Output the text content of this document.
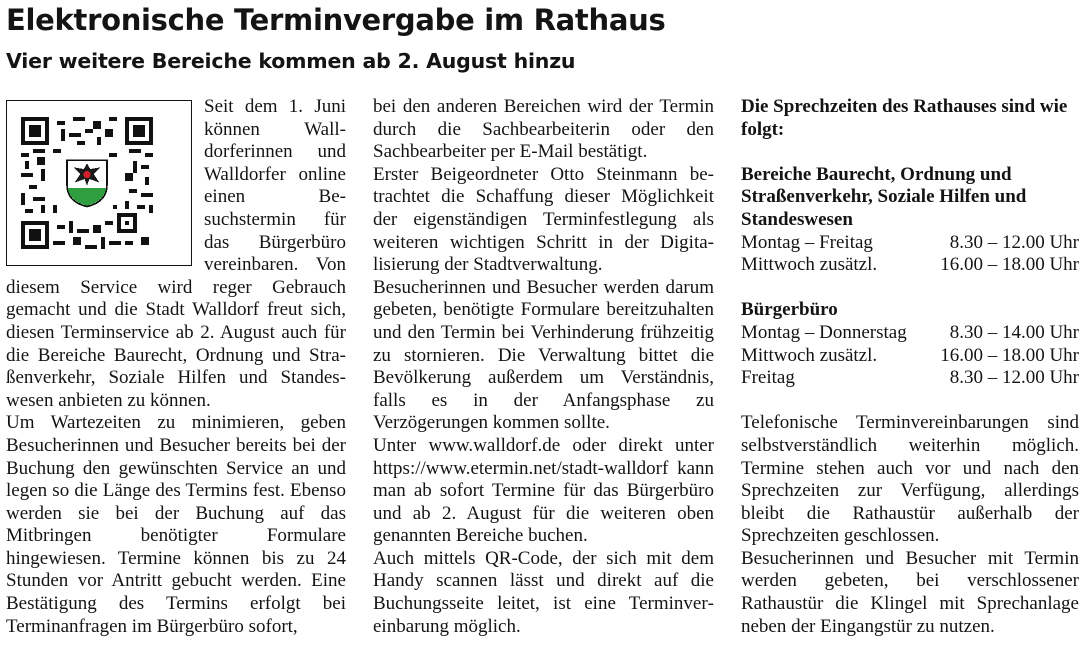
Elektronische Terminvergabe im Rathaus
Vier weitere Bereiche kommen ab 2. August hinzu

Seit dem 1. Juni können Walldorferinnen und Walldorfer online einen Besuchstermin für das Bürgerbüro vereinbaren. Von diesem Service wird reger Gebrauch gemacht und die Stadt Walldorf freut sich, diesen Terminservice ab 2. August auch für die Bereiche Baurecht, Ordnung und Straßenverkehr, Soziale Hilfen und Standeswesen anbieten zu können.

Um Wartezeiten zu minimieren, geben Besucherinnen und Besucher bereits bei der Buchung den gewünschten Service an und legen so die Länge des Termins fest. Ebenso werden sie bei der Buchung auf das Mitbringen benötigter Formulare hingewiesen. Termine können bis zu 24 Stunden vor Antritt gebucht werden. Eine Bestätigung des Termins erfolgt bei Terminanfragen im Bürgerbüro sofort,

bei den anderen Bereichen wird der Termin durch die Sachbearbeiterin oder den Sachbearbeiter per E-Mail bestätigt.

Erster Beigeordneter Otto Steinmann betrachtet die Schaffung dieser Möglichkeit der eigenständigen Terminfestlegung als weiteren wichtigen Schritt in der Digitalisierung der Stadtverwaltung.

Besucherinnen und Besucher werden darum gebeten, benötigte Formulare bereitzuhalten und den Termin bei Verhinderung frühzeitig zu stornieren. Die Verwaltung bittet die Bevölkerung außerdem um Verständnis, falls es in der Anfangsphase zu Verzögerungen kommen sollte.

Unter www.walldorf.de oder direkt unter https://www.etermin.net/stadt-walldorf kann man ab sofort Termine für das Bürgerbüro und ab 2. August für die weiteren oben genannten Bereiche buchen.

Auch mittels QR-Code, der sich mit dem Handy scannen lässt und direkt auf die Buchungsseite leitet, ist eine Terminvereinbarung möglich.

Die Sprechzeiten des Rathauses sind wie folgt:

Bereiche Baurecht, Ordnung und Straßenverkehr, Soziale Hilfen und Standeswesen

Montag – Freitag	8.30 – 12.00 Uhr
Mittwoch zusätzl.	16.00 – 18.00 Uhr

Bürgerbüro

Montag – Donnerstag 8.30 – 14.00 Uhr
Mittwoch zusätzl.	16.00 – 18.00 Uhr
Freitag	8.30 – 12.00 Uhr

Telefonische Terminvereinbarungen sind selbstverständlich weiterhin möglich. Termine stehen auch vor und nach den Sprechzeiten zur Verfügung, allerdings bleibt die Rathaustür außerhalb der Sprechzeiten geschlossen.

Besucherinnen und Besucher mit Termin werden gebeten, bei verschlossener Rathaustür die Klingel mit Sprechanlage neben der Eingangstür zu nutzen.
